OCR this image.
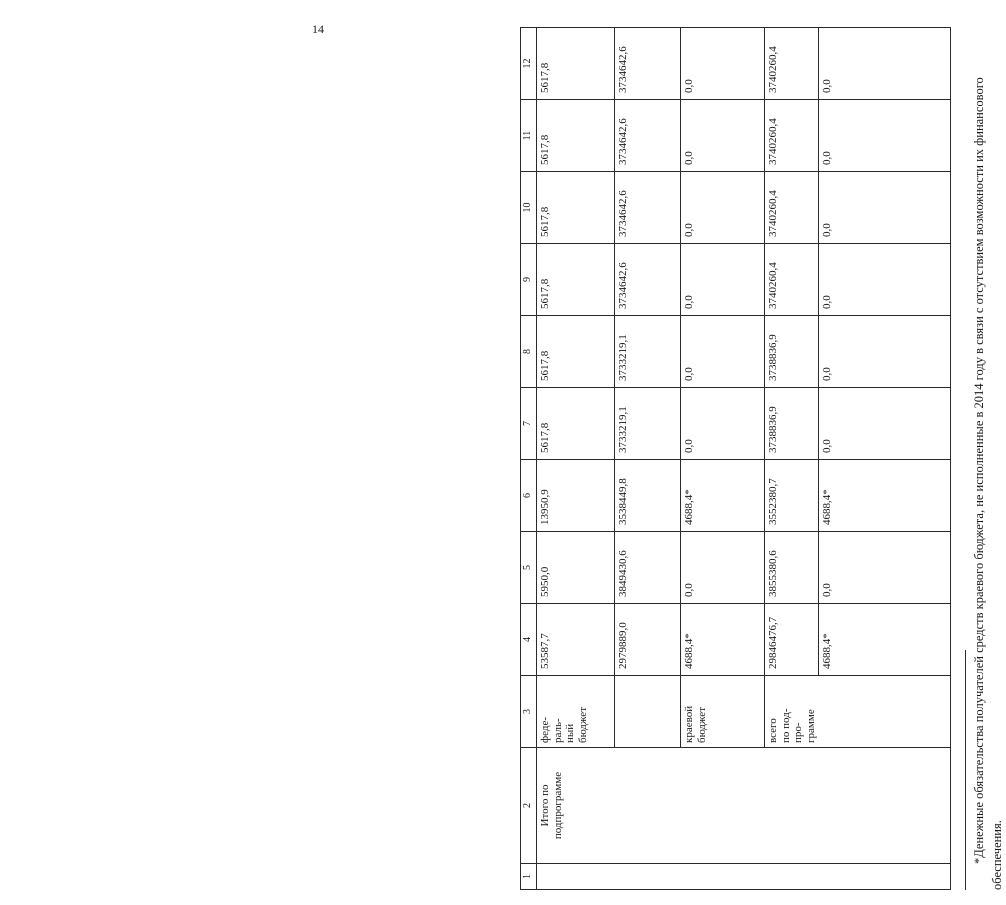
14
1	2	3	4	5	6	7	8	9	10	11	12	
	Итого по подпрограмме	феде-
раль-
ный
бюджет	53587,7	5950,0	13950,9	5617,8	5617,8	5617,8	5617,8	5617,8	5617,8	

			2979889,0	3849430,6	3538449,8	3733219,1	3733219,1	3734642,6	3734642,6	3734642,6	3734642,6	

		краевой
бюджет	4688,4*	0,0	4688,4*	0,0	0,0	0,0	0,0	0,0	0,0	

		всего
по под-
про-
грамме	29846476,7	3855380,6	3552380,7	3738836,9	3738836,9	3740260,4	3740260,4	3740260,4	3740260,4	
			4688,4*	0,0	4688,4*	0,0	0,0	0,0	0,0	0,0	0,0		*Денежные обязательства получателей средств краевого бюджета, не исполненные в 2014 году в связи с отсутствием возможности их финансового обеспечения.
